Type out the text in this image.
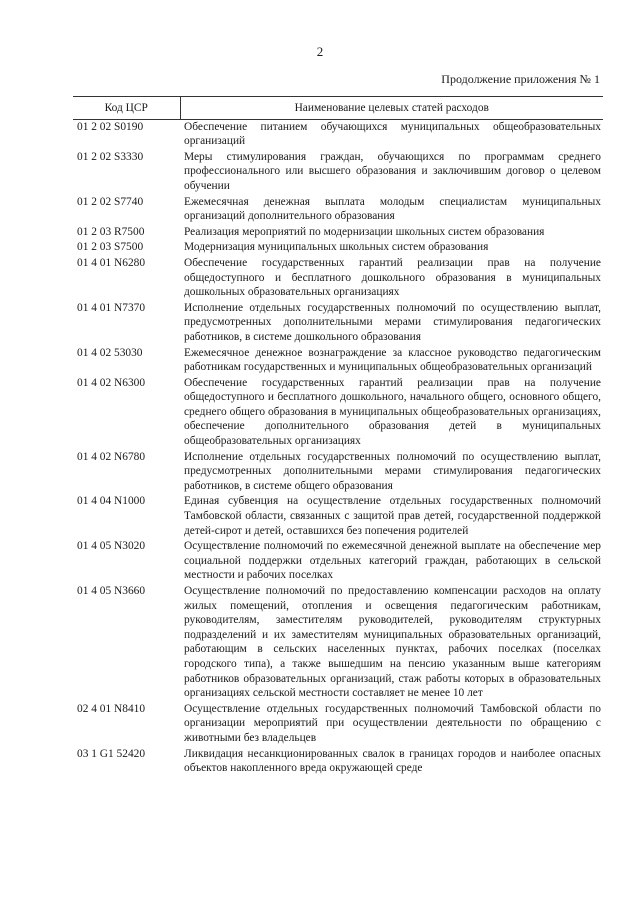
2
Продолжение приложения № 1
Код ЦСР	Наименование целевых статей расходов
01 2 02 S0190	Обеспечение питанием обучающихся муниципальных общеобразовательных организаций
01 2 02 S3330	Меры стимулирования граждан, обучающихся по программам среднего профессионального или высшего образования и заключившим договор о целевом обучении
01 2 02 S7740	Ежемесячная денежная выплата молодым специалистам муниципальных организаций дополнительного образования
01 2 03 R7500	Реализация мероприятий по модернизации школьных систем образования
01 2 03 S7500	Модернизация муниципальных школьных систем образования
01 4 01 N6280	Обеспечение государственных гарантий реализации прав на получение общедоступного и бесплатного дошкольного образования в муниципальных дошкольных образовательных организациях
01 4 01 N7370	Исполнение отдельных государственных полномочий по осуществлению выплат, предусмотренных дополнительными мерами стимулирования педагогических работников, в системе дошкольного образования
01 4 02 53030	Ежемесячное денежное вознаграждение за классное руководство педагогическим работникам государственных и муниципальных общеобразовательных организаций
01 4 02 N6300	Обеспечение государственных гарантий реализации прав на получение общедоступного и бесплатного дошкольного, начального общего, основного общего, среднего общего образования в муниципальных общеобразовательных организациях, обеспечение дополнительного образования детей в муниципальных общеобразовательных организациях
01 4 02 N6780	Исполнение отдельных государственных полномочий по осуществлению выплат, предусмотренных дополнительными мерами стимулирования педагогических работников, в системе общего образования
01 4 04 N1000	Единая субвенция на осуществление отдельных государственных полномочий Тамбовской области, связанных с защитой прав детей, государственной поддержкой детей-сирот и детей, оставшихся без попечения родителей
01 4 05 N3020	Осуществление полномочий по ежемесячной денежной выплате на обеспечение мер социальной поддержки отдельных категорий граждан, работающих в сельской местности и рабочих поселках
01 4 05 N3660	Осуществление полномочий по предоставлению компенсации расходов на оплату жилых помещений, отопления и освещения педагогическим работникам, руководителям, заместителям руководителей, руководителям структурных подразделений и их заместителям муниципальных образовательных организаций, работающим в сельских населенных пунктах, рабочих поселках (поселках городского типа), а также вышедшим на пенсию указанным выше категориям работников образовательных организаций, стаж работы которых в образовательных организациях сельской местности составляет не менее 10 лет
02 4 01 N8410	Осуществление отдельных государственных полномочий Тамбовской области по организации мероприятий при осуществлении деятельности по обращению с животными без владельцев
03 1 G1 52420	Ликвидация несанкционированных свалок в границах городов и наиболее опасных объектов накопленного вреда окружающей среде
